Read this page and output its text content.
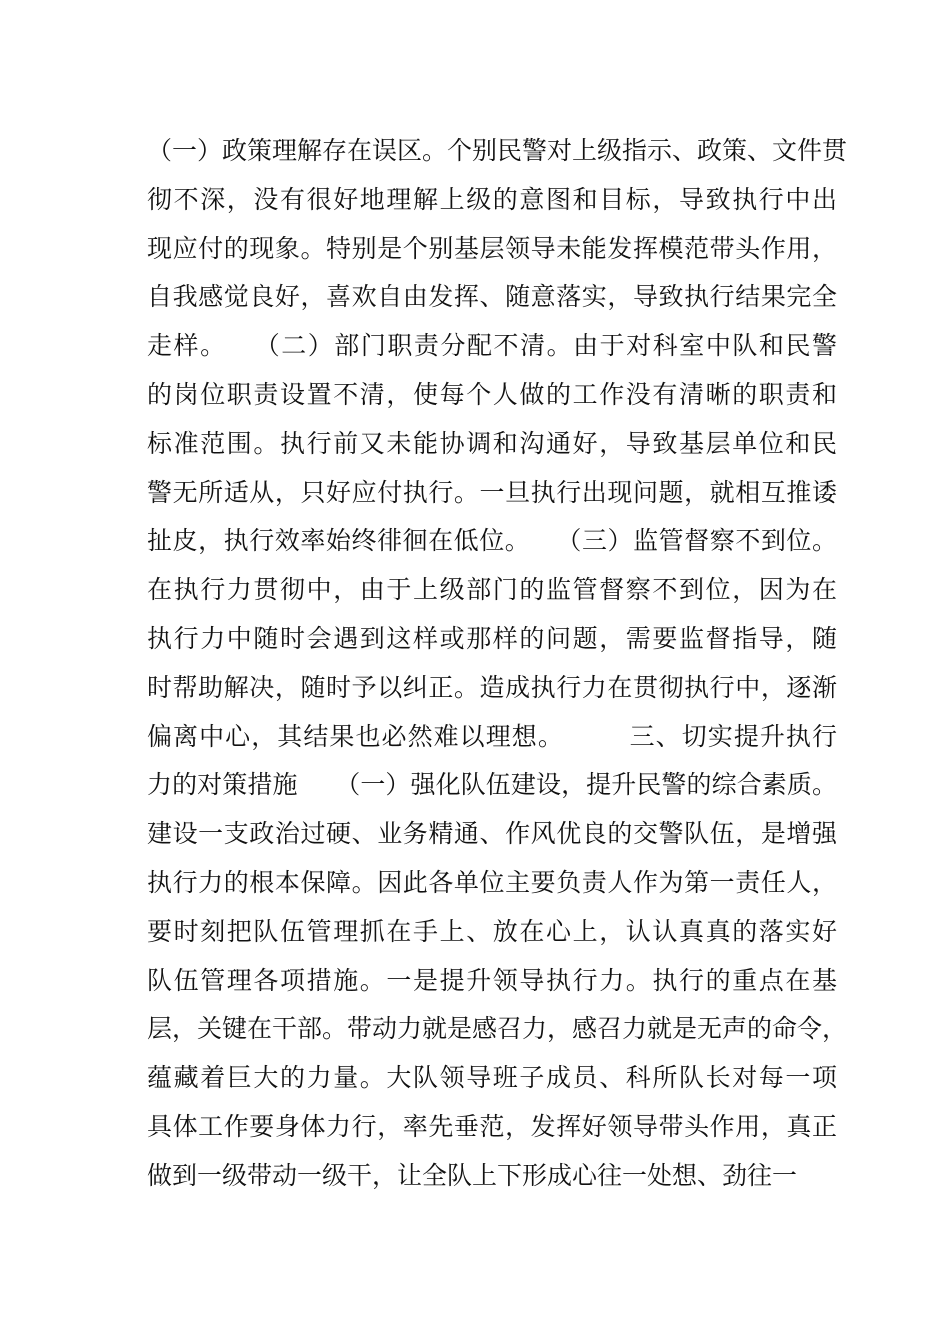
（一）政策理解存在误区。个别民警对上级指示、政策、文件贯
彻不深，没有很好地理解上级的意图和目标，导致执行中出
现应付的现象。特别是个别基层领导未能发挥模范带头作用，
自我感觉良好，喜欢自由发挥、随意落实，导致执行结果完全
走样。　　（二）部门职责分配不清。由于对科室中队和民警
的岗位职责设置不清，使每个人做的工作没有清晰的职责和
标准范围。执行前又未能协调和沟通好，导致基层单位和民
警无所适从，只好应付执行。一旦执行出现问题，就相互推诿
扯皮，执行效率始终徘徊在低位。　　（三）监管督察不到位。
在执行力贯彻中，由于上级部门的监管督察不到位，因为在
执行力中随时会遇到这样或那样的问题，需要监督指导，随
时帮助解决，随时予以纠正。造成执行力在贯彻执行中，逐渐
偏离中心，其结果也必然难以理想。　　　三、切实提升执行
力的对策措施　　（一）强化队伍建设，提升民警的综合素质。
建设一支政治过硬、业务精通、作风优良的交警队伍，是增强
执行力的根本保障。因此各单位主要负责人作为第一责任人，
要时刻把队伍管理抓在手上、放在心上，认认真真的落实好
队伍管理各项措施。一是提升领导执行力。执行的重点在基
层，关键在干部。带动力就是感召力，感召力就是无声的命令，
蕴藏着巨大的力量。大队领导班子成员、科所队长对每一项
具体工作要身体力行，率先垂范，发挥好领导带头作用，真正
做到一级带动一级干，让全队上下形成心往一处想、劲往一
